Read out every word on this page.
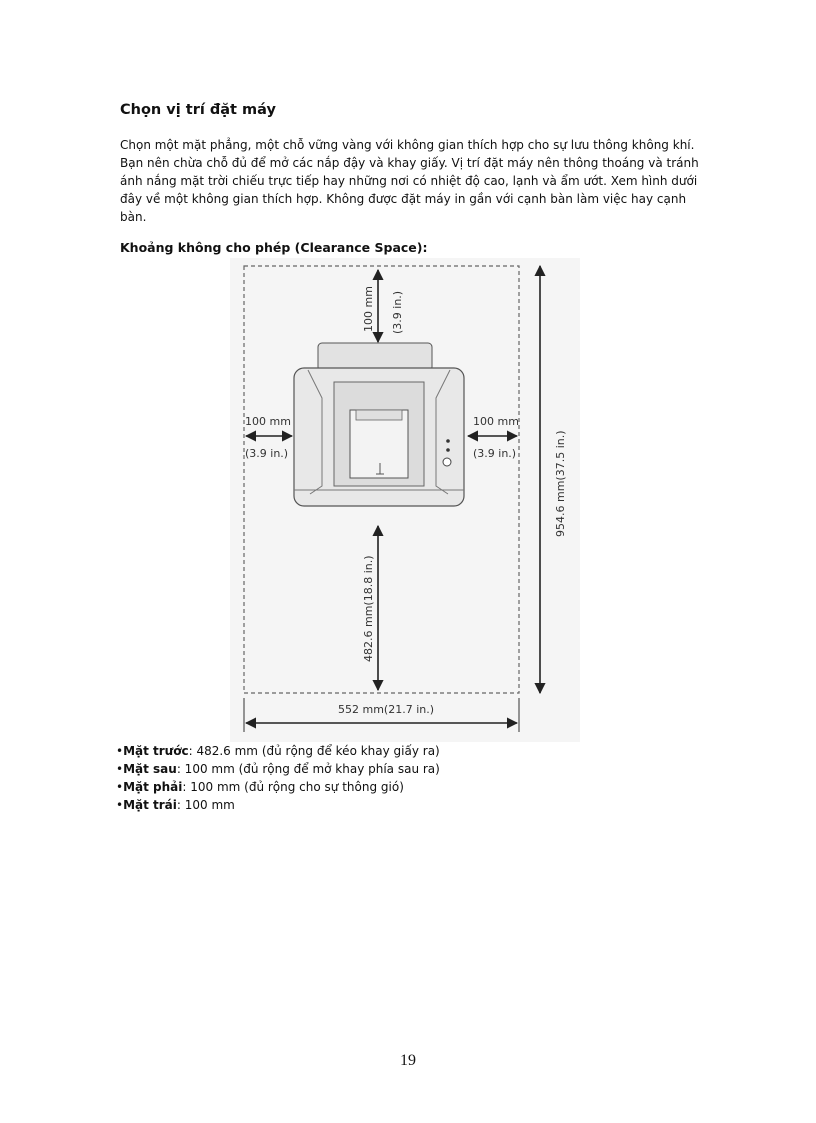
Chọn vị trí đặt máy

Chọn một mặt phẳng, một chỗ vững vàng với không gian thích hợp cho sự lưu thông không khí.
Bạn nên chừa chỗ đủ để mở các nắp đậy và khay giấy. Vị trí đặt máy nên thông thoáng và tránh
ánh nắng mặt trời chiếu trực tiếp hay những nơi có nhiệt độ cao, lạnh và ẩm ướt. Xem hình dưới
đây về một không gian thích hợp. Không được đặt máy in gần với cạnh bàn làm việc hay cạnh
bàn.

Khoảng không cho phép (Clearance Space):
100 mm (3.9 in.)
100 mm
(3.9 in.)
100 mm
(3.9 in.)
482.6 mm(18.8 in.)
954.6 mm(37.5 in.)
552 mm(21.7 in.)
•Mặt trước: 482.6 mm (đủ rộng để kéo khay giấy ra)
•Mặt sau: 100 mm (đủ rộng để mở khay phía sau ra)
•Mặt phải: 100 mm (đủ rộng cho sự thông gió)
•Mặt trái: 100 mm
19
